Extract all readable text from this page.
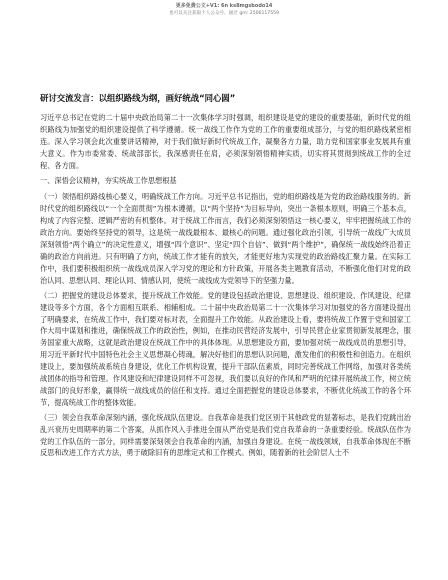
更多免费公文+V1: 6n ks8mgsbodo14
也可以关注获取个人公众号，通过 gm: 2506117559
研讨交流发言：以组织路线为纲，画好统战“同心圆”

习近平总书记在党的二十届中央政治局第二十一次集体学习时强调，组织建设是党的建设的重要基础，新时代党的组织路线为加强党的组织建设提供了科学遵循。统一战线工作作为党的工作的重要组成部分，与党的组织路线紧密相连。深入学习领会此次重要讲话精神，对于我们做好新时代统战工作，凝聚各方力量，助力党和国家事业发展具有重大意义。作为市委常委、统战部部长，我深感责任在肩，必须深刻领悟精神实质，切实将其贯彻到统战工作的全过程、各方面。

一、深悟会议精神，夯实统战工作思想根基

（一）领悟组织路线核心要义，明确统战工作方向。习近平总书记指出，党的组织路线是为党的政治路线服务的。新时代党的组织路线以“一个全面贯彻”为根本遵循，以“两个坚持”为目标导向，突出一条根本原则，明确三个基本点，构成了内容完整、逻辑严密的有机整体。对于统战工作而言，我们必须深刻领悟这一核心要义，牢牢把握统战工作的政治方向。要始终坚持党的领导，这是统一战线最根本、最核心的问题。通过强化政治引领，引导统一战线广大成员深刻领悟“两个确立”的决定性意义，增强“四个意识”、坚定“四个自信”、做到“两个维护”，确保统一战线始终沿着正确的政治方向前进。只有明确了方向，统战工作才能有的放矢，才能更好地为实现党的政治路线汇聚力量。在实际工作中，我们要积极组织统一战线成员深入学习党的理论和方针政策，开展各类主题教育活动，不断强化他们对党的政治认同、思想认同、理论认同、情感认同，使统一战线成为党领导下的坚强力量。

（二）把握党的建设总体要求，提升统战工作效能。党的建设包括政治建设、思想建设、组织建设、作风建设、纪律建设等多个方面，各个方面相互联系、相辅相成。二十届中央政治局第二十一次集体学习对加强党的各方面建设提出了明确要求，在统战工作中，我们要对标对表，全面提升工作效能。从政治建设上看，要将统战工作置于党和国家工作大局中谋划和推进，确保统战工作的政治性，例如，在推动民营经济发展中，引导民营企业家贯彻新发展理念，服务国家重大战略，这就是政治建设在统战工作中的具体体现。从思想建设方面，要加强对统一战线成员的思想引导，用习近平新时代中国特色社会主义思想凝心铸魂，解决好他们的思想认识问题，激发他们的积极性和创造力。在组织建设上，要加强统战系统自身建设，优化工作机构设置，提升干部队伍素质，同时完善统战工作网络，加强对各类统战团体的指导和管理。作风建设和纪律建设同样不可忽视，我们要以良好的作风和严明的纪律开展统战工作，树立统战部门的良好形象，赢得统一战线成员的信任和支持。通过全面把握党的建设总体要求，不断优化统战工作的各个环节，提高统战工作的整体效能。

（三）领会自我革命深刻内涵，强化统战队伍建设。自我革命是我们党区别于其他政党的显著标志，是我们党跳出治乱兴衰历史周期率的第二个答案，从抓作风入手推进全面从严治党是我们党自我革命的一条重要经验。统战队伍作为党的工作队伍的一部分，同样需要深刻领会自我革命的内涵，加强自身建设。在统一战线领域，自我革命体现在不断反思和改进工作方式方法，勇于破除旧有的思维定式和工作模式。例如，随着新的社会阶层人士不
